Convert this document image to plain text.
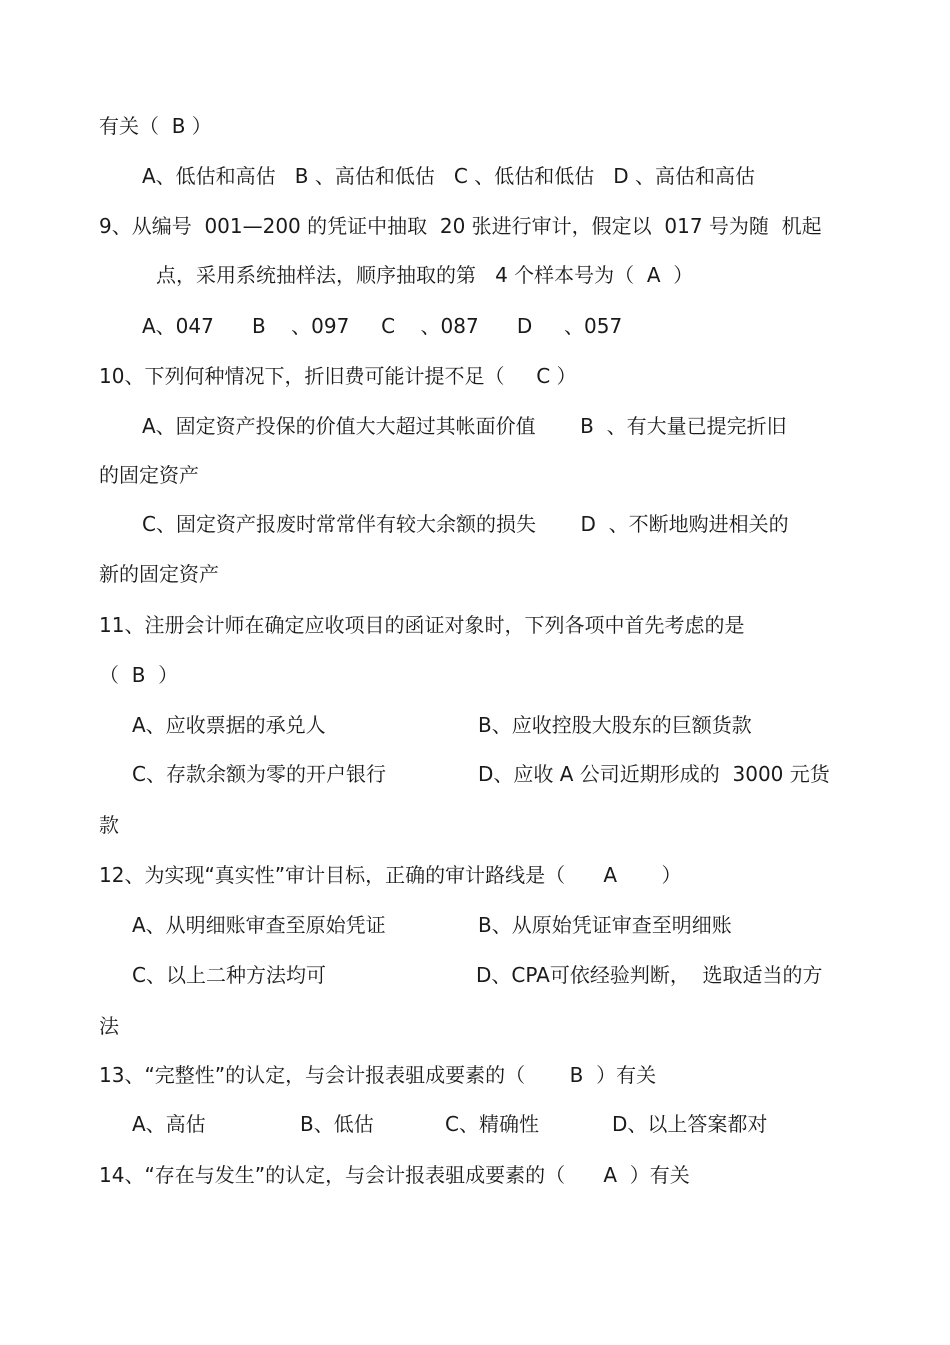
有关（  B ）
A、低估和高估   B 、高估和低估   C 、低估和低估   D 、高估和高估
9、从编号  001—200 的凭证中抽取  20 张进行审计，假定以  017 号为随  机起
点，采用系统抽样法，顺序抽取的第   4 个样本号为（  A  ）
A、047      B    、097     C    、087      D     、057
10、下列何种情况下，折旧费可能计提不足（     C ）
A、固定资产投保的价值大大超过其帐面价值       B  、有大量已提完折旧
的固定资产
C、固定资产报废时常常伴有较大余额的损失       D  、不断地购进相关的
新的固定资产
11、注册会计师在确定应收项目的函证对象时，下列各项中首先考虑的是
（  B  ）
A、应收票据的承兑人	B、应收控股大股东的巨额货款
C、存款余额为零的开户银行	D、应收 A 公司近期形成的  3000 元货
款
12、为实现“真实性”审计目标，正确的审计路线是（      A       ）
A、从明细账审查至原始凭证	B、从原始凭证审查至明细账
C、以上二种方法均可	D、CPA可依经验判断，  选取适当的方
法
13、“完整性”的认定，与会计报表驵成要素的（       B  ）有关
A、高估	B、低估	C、精确性	D、以上答案都对
14、“存在与发生”的认定，与会计报表驵成要素的（      A  ）有关
